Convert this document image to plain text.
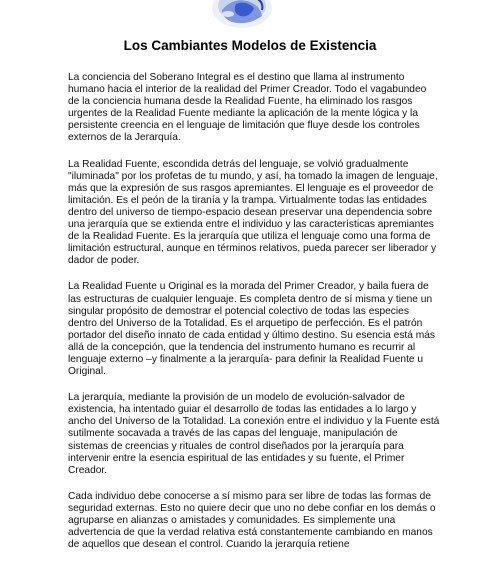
Los Cambiantes Modelos de Existencia

La conciencia del Soberano Integral es el destino que llama al instrumento humano hacia el interior de la realidad del Primer Creador. Todo el vagabundeo de la conciencia humana desde la Realidad Fuente, ha eliminado los rasgos urgentes de la Realidad Fuente mediante la aplicación de la mente lógica y la persistente creencia en el lenguaje de limitación que fluye desde los controles externos de la Jerarquía.

La Realidad Fuente, escondida detrás del lenguaje, se volvió gradualmente "iluminada" por los profetas de tu mundo, y así, ha tomado la imagen de lenguaje, más que la expresión de sus rasgos apremiantes. El lenguaje es el proveedor de limitación. Es el peón de la tiranía y la trampa. Virtualmente todas las entidades dentro del universo de tiempo-espacio desean preservar una dependencia sobre una jerarquía que se extienda entre el individuo y las características apremiantes de la Realidad Fuente. Es la jerarquía que utiliza el lenguaje como una forma de limitación estructural, aunque en términos relativos, pueda parecer ser liberador y dador de poder.

La Realidad Fuente u Original es la morada del Primer Creador, y baila fuera de las estructuras de cualquier lenguaje. Es completa dentro de sí misma y tiene un singular propósito de demostrar el potencial colectivo de todas las especies dentro del Universo de la Totalidad. Es el arquetipo de perfección. Es el patrón portador del diseño innato de cada entidad y último destino. Su esencia está más allá de la concepción, que la tendencia del instrumento humano es recurrir al lenguaje externo –y finalmente a la jerarquía- para definir la Realidad Fuente u Original.

La jerarquía, mediante la provisión de un modelo de evolución-salvador de existencia, ha intentado guiar el desarrollo de todas las entidades a lo largo y ancho del Universo de la Totalidad. La conexión entre el individuo y la Fuente está sutilmente socavada a través de las capas del lenguaje, manipulación de sistemas de creencias y rituales de control diseñados por la jerarquía para intervenir entre la esencia espiritual de las entidades y su fuente, el Primer Creador.

Cada individuo debe conocerse a sí mismo para ser libre de todas las formas de seguridad externas. Esto no quiere decir que uno no debe confiar en los demás o agruparse en alianzas o amistades y comunidades. Es simplemente una advertencia de que la verdad relativa está constantemente cambiando en manos de aquellos que desean el control. Cuando la jerarquía retiene
